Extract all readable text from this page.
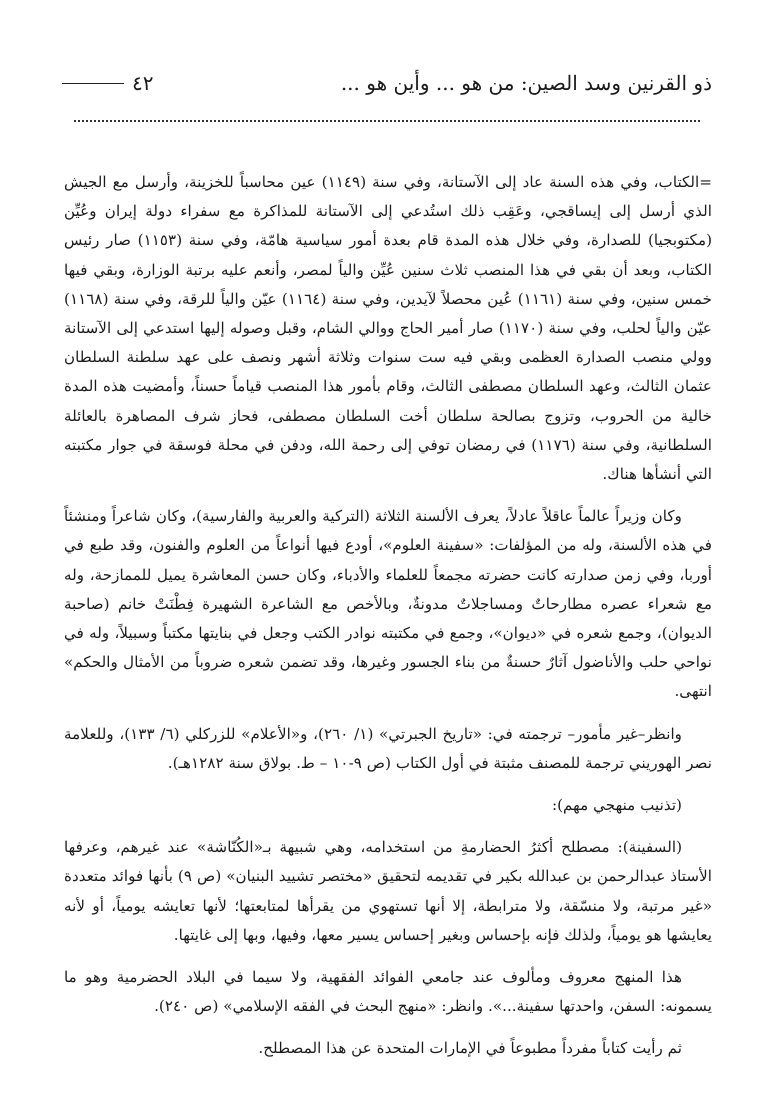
ذو القرنين وسد الصين: من هو ... وأين هو ...
٤٢

=الكتاب، وفي هذه السنة عاد إلى الآستانة، وفي سنة (١١٤٩) عين محاسباً للخزينة، وأرسل مع الجيش الذي أرسل إلى إيساقجي، وعَقِب ذلك استُدعي إلى الآستانة للمذاكرة مع سفراء دولة إيران وعُيِّن (مكتوبجيا) للصدارة، وفي خلال هذه المدة قام بعدة أمور سياسية هامّة، وفي سنة (١١٥٣) صار رئيس الكتاب، وبعد أن بقي في هذا المنصب ثلاث سنين عُيِّن والياً لمصر، وأنعم عليه برتبة الوزارة، وبقي فيها خمس سنين، وفي سنة (١١٦١) عُين محصلاً لآيدين، وفي سنة (١١٦٤) عيّن والياً للرقة، وفي سنة (١١٦٨) عيّن والياً لحلب، وفي سنة (١١٧٠) صار أمير الحاج ووالي الشام، وقبل وصوله إليها استدعي إلى الآستانة وولي منصب الصدارة العظمى وبقي فيه ست سنوات وثلاثة أشهر ونصف على عهد سلطنة السلطان عثمان الثالث، وعهد السلطان مصطفى الثالث، وقام بأمور هذا المنصب قياماً حسناً، وأمضيت هذه المدة خالية من الحروب، وتزوج بصالحة سلطان أخت السلطان مصطفى، فحاز شرف المصاهرة بالعائلة السلطانية، وفي سنة (١١٧٦) في رمضان توفي إلى رحمة الله، ودفن في محلة فوسقة في جوار مكتبته التي أنشأها هناك.

وكان وزيراً عالماً عاقلاً عادلاً، يعرف الألسنة الثلاثة (التركية والعربية والفارسية)، وكان شاعراً ومنشئاً في هذه الألسنة، وله من المؤلفات: «سفينة العلوم»، أودع فيها أنواعاً من العلوم والفنون، وقد طبع في أوربا، وفي زمن صدارته كانت حضرته مجمعاً للعلماء والأدباء، وكان حسن المعاشرة يميل للممازحة، وله مع شعراء عصره مطارحاتٌ ومساجلاتٌ مدونةٌ، وبالأخص مع الشاعرة الشهيرة فِطْنَتْ خانم (صاحبة الديوان)، وجمع شعره في «ديوان»، وجمع في مكتبته نوادر الكتب وجعل في بنايتها مكتباً وسبيلاً، وله في نواحي حلب والأناضول آثارٌ حسنةٌ من بناء الجسور وغيرها، وقد تضمن شعره ضروباً من الأمثال والحكم» انتهى.

وانظر–غير مأمور– ترجمته في: «تاريخ الجبرتي» (١/ ٢٦٠)، و«الأعلام» للزركلي (٦/ ١٣٣)، وللعلامة نصر الهوريني ترجمة للمصنف مثبتة في أول الكتاب (ص ٩-١٠ – ط. بولاق سنة ١٢٨٢هـ).

(تذنيب منهجي مهم):

(السفينة): مصطلح أكثرُ الحضارمةِ من استخدامه، وهي شبيهة بـ«الكُنّاشة» عند غيرهم، وعرفها الأستاذ عبدالرحمن بن عبدالله بكير في تقديمه لتحقيق «مختصر تشييد البنيان» (ص ٩) بأنها فوائد متعددة «غير مرتبة، ولا منسّقة، ولا مترابطة، إلا أنها تستهوي من يقرأها لمتابعتها؛ لأنها تعايشه يومياً، أو لأنه يعايشها هو يومياً، ولذلك فإنه بإحساس وبغير إحساس يسير معها، وفيها، وبها إلى غايتها.

هذا المنهج معروف ومألوف عند جامعي الفوائد الفقهية، ولا سيما في البلاد الحضرمية وهو ما يسمونه: السفن، واحدتها سفينة...». وانظر: «منهج البحث في الفقه الإسلامي» (ص ٢٤٠).

ثم رأيت كتاباً مفرداً مطبوعاً في الإمارات المتحدة عن هذا المصطلح.
